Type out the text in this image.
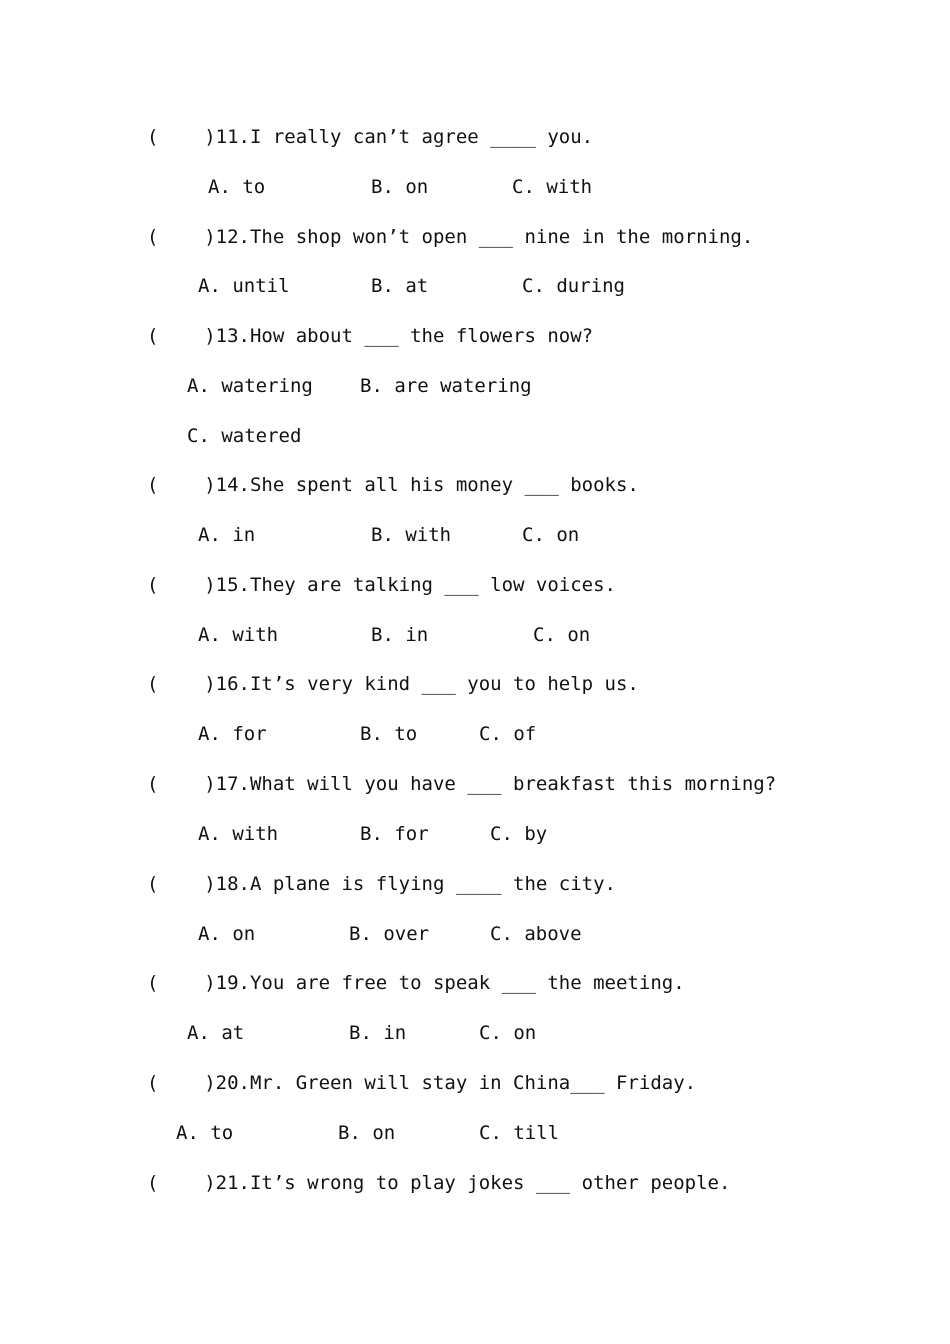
(    )11.I really can’t agree ____ you.
A. to	B. on	C. with
(    )12.The shop won’t open ___ nine in the morning.
A. until	B. at	C. during
(    )13.How about ___ the flowers now?
A. watering B. are watering
C. watered
(    )14.She spent all his money ___ books.
A. in	B. with	C. on
(    )15.They are talking ___ low voices.
A. with	B. in	C. on
(    )16.It’s very kind ___ you to help us.
A. for	B. to	C. of
(    )17.What will you have ___ breakfast this morning?
A. with	B. for	C. by
(    )18.A plane is flying ____ the city.
A. on	B. over	C. above
(    )19.You are free to speak ___ the meeting.
A. at	B. in	C. on
(    )20.Mr. Green will stay in China___ Friday.
A. to	B. on	C. till
(    )21.It’s wrong to play jokes ___ other people.
